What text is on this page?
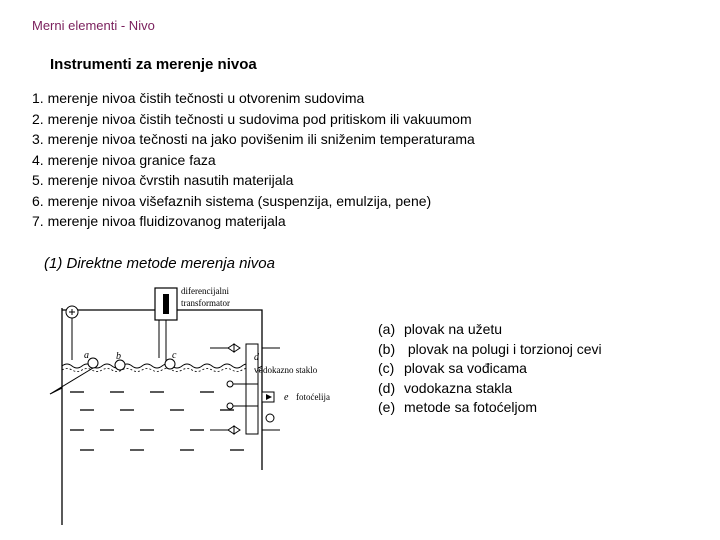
Merni elementi - Nivo
Instrumenti za merenje nivoa
1. merenje nivoa čistih tečnosti u otvorenim sudovima
2. merenje nivoa čistih tečnosti u sudovima pod pritiskom ili vakuumom
3. merenje nivoa tečnosti na jako povišenim ili sniženim temperaturama
4. merenje nivoa granice faza
5. merenje nivoa čvrstih nasutih materijala
6. merenje nivoa višefaznih sistema (suspenzija, emulzija, pene)
7. merenje nivoa fluidizovanog materijala
(1) Direktne metode merenja nivoa
diferencijalni
transformator
a	b	c	d
vodokazno staklo
e fotoćelija
(a) plovak na užetu
(b) plovak na polugi i torzionoj cevi
(c) plovak sa vođicama
(d) vodokazna stakla
(e) metode sa fotoćeljom
